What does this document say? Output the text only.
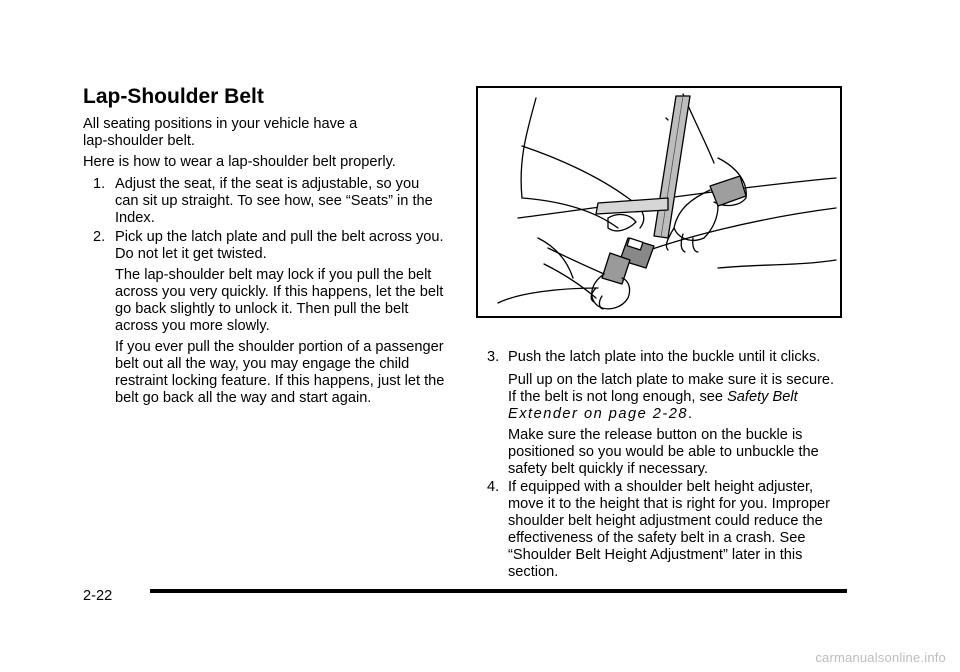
Lap-Shoulder Belt
All seating positions in your vehicle have a
lap-shoulder belt.
Here is how to wear a lap-shoulder belt properly.
1. Adjust the seat, if the seat is adjustable, so you
can sit up straight. To see how, see “Seats” in the
Index.
2. Pick up the latch plate and pull the belt across you.
Do not let it get twisted.
The lap-shoulder belt may lock if you pull the belt
across you very quickly. If this happens, let the belt
go back slightly to unlock it. Then pull the belt
across you more slowly.
If you ever pull the shoulder portion of a passenger
belt out all the way, you may engage the child
restraint locking feature. If this happens, just let the
belt go back all the way and start again.
3. Push the latch plate into the buckle until it clicks.
Pull up on the latch plate to make sure it is secure.
If the belt is not long enough, see Safety Belt
Extender on page 2-28.
Make sure the release button on the buckle is
positioned so you would be able to unbuckle the
safety belt quickly if necessary.
4. If equipped with a shoulder belt height adjuster,
move it to the height that is right for you. Improper
shoulder belt height adjustment could reduce the
effectiveness of the safety belt in a crash. See
“Shoulder Belt Height Adjustment” later in this
section.
2-22
carmanualsonline.info
